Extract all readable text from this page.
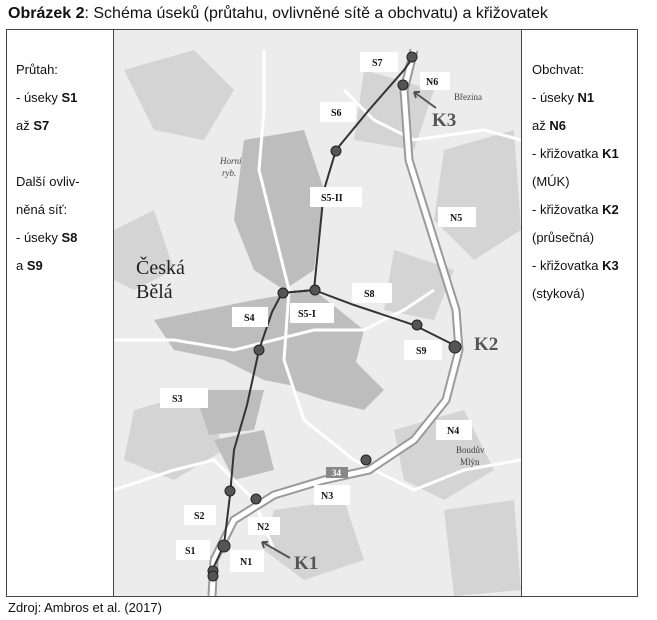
Obrázek 2: Schéma úseků (průtahu, ovlivněné sítě a obchvatu) a křižovatek
Průtah:
- úseky S1
až S7

Další ovliv-
něná síť:
- úseky S8
a S9
Obchvat:
- úseky N1
až N6
- křižovatka K1
(MÚK)
- křižovatka K2
(průsečná)
- křižovatka K3
(styková)
Česká
Bělá
Březina
Horní
ryb.
Boudův
Mlýn
34
S7
N6
S6
S5-II
N5
S8
S4	S5-I
S9
S3
N4
N3
S2
N2
S1
N1
K3
K2
K1
Zdroj: Ambros et al. (2017)
